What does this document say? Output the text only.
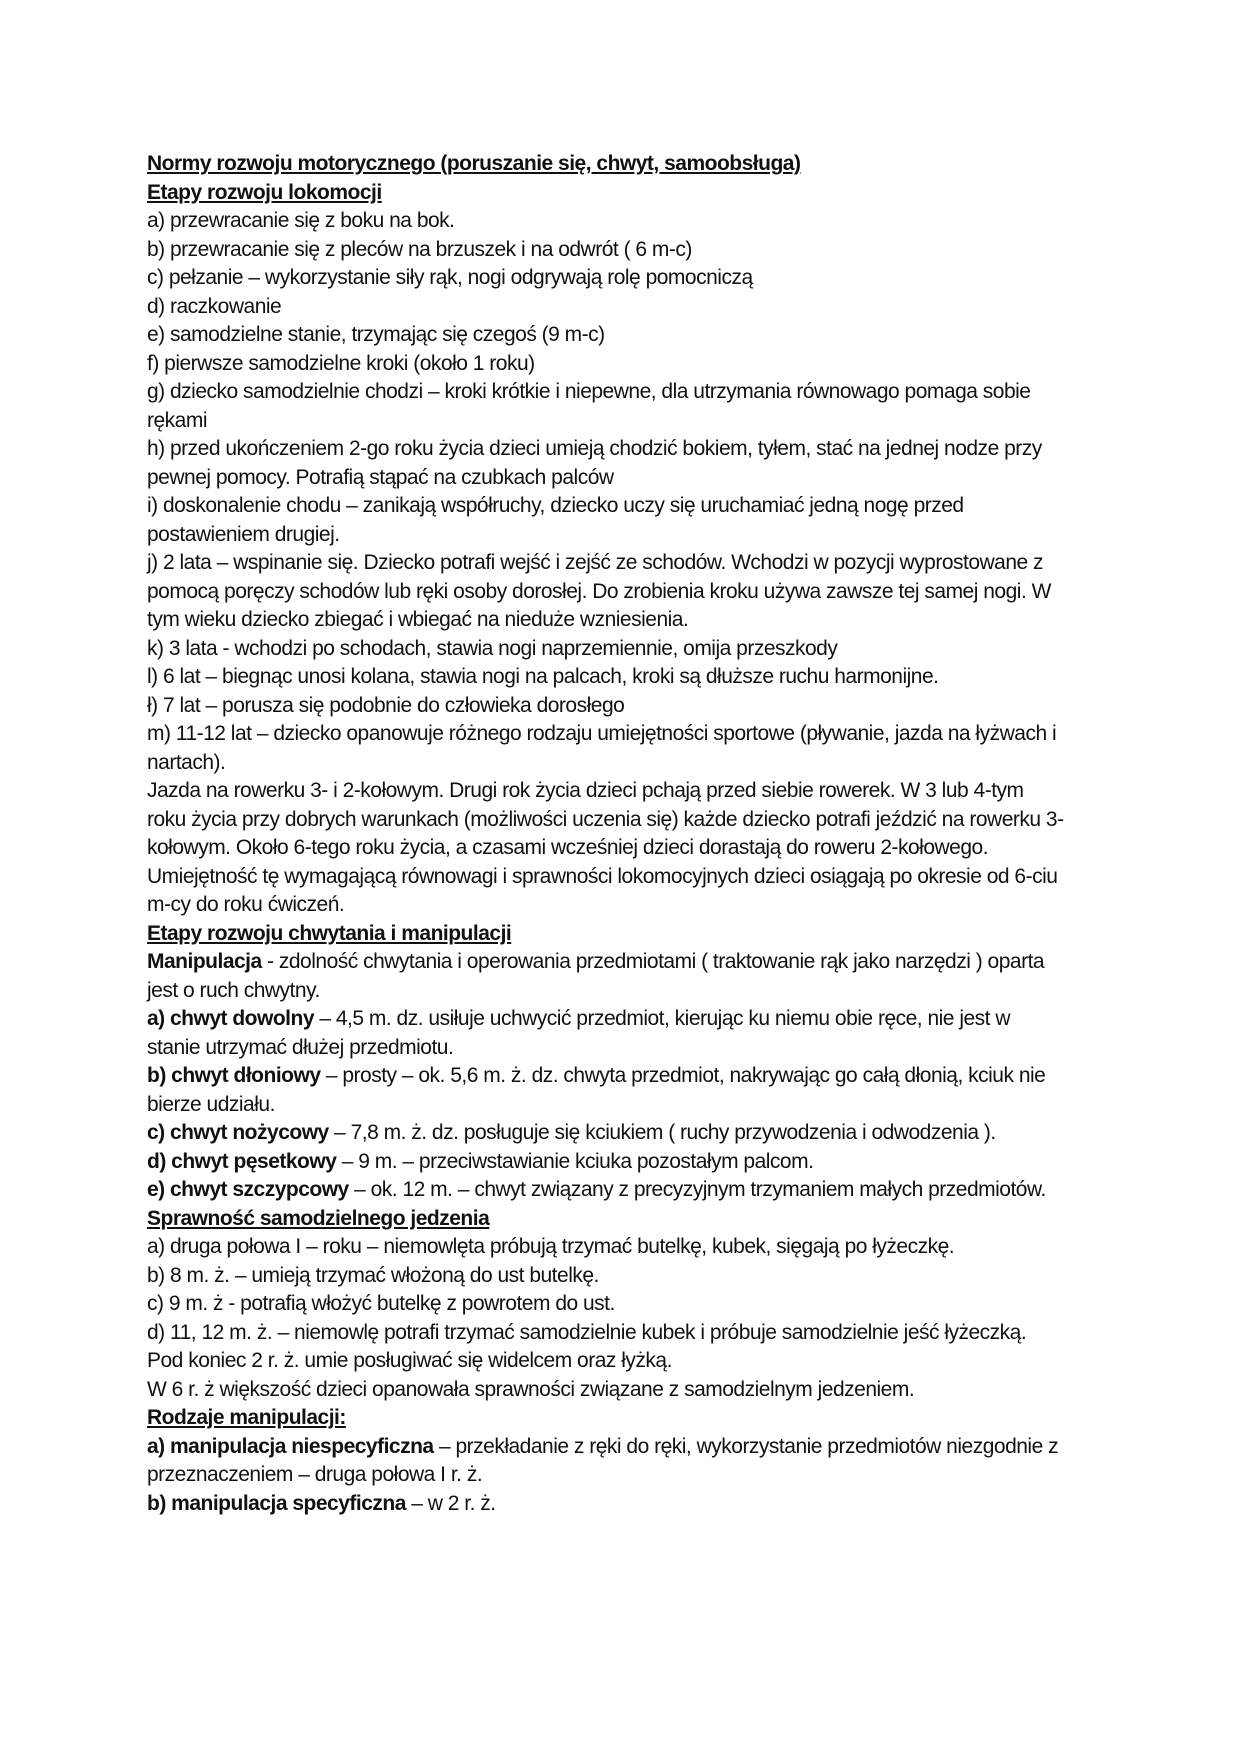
Normy rozwoju motorycznego (poruszanie się, chwyt, samoobsługa)
Etapy rozwoju lokomocji
a) przewracanie się z boku na bok.
b) przewracanie się z pleców na brzuszek i na odwrót ( 6 m-c)
c) pełzanie – wykorzystanie siły rąk, nogi odgrywają rolę pomocniczą
d) raczkowanie
e) samodzielne stanie, trzymając się czegoś (9 m-c)
f) pierwsze samodzielne kroki (około 1 roku)
g) dziecko samodzielnie chodzi – kroki krótkie i niepewne, dla utrzymania równowago pomaga sobie
rękami
h) przed ukończeniem 2-go roku życia dzieci umieją chodzić bokiem, tyłem, stać na jednej nodze przy
pewnej pomocy. Potrafią stąpać na czubkach palców
i) doskonalenie chodu – zanikają współruchy, dziecko uczy się uruchamiać jedną nogę przed
postawieniem drugiej.
j) 2 lata – wspinanie się. Dziecko potrafi wejść i zejść ze schodów. Wchodzi w pozycji wyprostowane z
pomocą poręczy schodów lub ręki osoby dorosłej. Do zrobienia kroku używa zawsze tej samej nogi. W
tym wieku dziecko zbiegać i wbiegać na nieduże wzniesienia.
k) 3 lata - wchodzi po schodach, stawia nogi naprzemiennie, omija przeszkody
l) 6 lat – biegnąc unosi kolana, stawia nogi na palcach, kroki są dłuższe ruchu harmonijne.
ł) 7 lat – porusza się podobnie do człowieka dorosłego
m) 11-12 lat – dziecko opanowuje różnego rodzaju umiejętności sportowe (pływanie, jazda na łyżwach i
nartach).
Jazda na rowerku 3- i 2-kołowym. Drugi rok życia dzieci pchają przed siebie rowerek. W 3 lub 4-tym
roku życia przy dobrych warunkach (możliwości uczenia się) każde dziecko potrafi jeździć na rowerku 3-
kołowym. Około 6-tego roku życia, a czasami wcześniej dzieci dorastają do roweru 2-kołowego.
Umiejętność tę wymagającą równowagi i sprawności lokomocyjnych dzieci osiągają po okresie od 6-ciu
m-cy do roku ćwiczeń.
Etapy rozwoju chwytania i manipulacji
Manipulacja - zdolność chwytania i operowania przedmiotami ( traktowanie rąk jako narzędzi ) oparta
jest o ruch chwytny.
a) chwyt dowolny – 4,5 m. dz. usiłuje uchwycić przedmiot, kierując ku niemu obie ręce, nie jest w
stanie utrzymać dłużej przedmiotu.
b) chwyt dłoniowy – prosty – ok. 5,6 m. ż. dz. chwyta przedmiot, nakrywając go całą dłonią, kciuk nie
bierze udziału.
c) chwyt nożycowy – 7,8 m. ż. dz. posługuje się kciukiem ( ruchy przywodzenia i odwodzenia ).
d) chwyt pęsetkowy – 9 m. – przeciwstawianie kciuka pozostałym palcom.
e) chwyt szczypcowy – ok. 12 m. – chwyt związany z precyzyjnym trzymaniem małych przedmiotów.
Sprawność samodzielnego jedzenia
a) druga połowa I – roku – niemowlęta próbują trzymać butelkę, kubek, sięgają po łyżeczkę.
b) 8 m. ż. – umieją trzymać włożoną do ust butelkę.
c) 9 m. ż - potrafią włożyć butelkę z powrotem do ust.
d) 11, 12 m. ż. – niemowlę potrafi trzymać samodzielnie kubek i próbuje samodzielnie jeść łyżeczką.
Pod koniec 2 r. ż. umie posługiwać się widelcem oraz łyżką.
W 6 r. ż większość dzieci opanowała sprawności związane z samodzielnym jedzeniem.
Rodzaje manipulacji:
a) manipulacja niespecyficzna – przekładanie z ręki do ręki, wykorzystanie przedmiotów niezgodnie z
przeznaczeniem – druga połowa I r. ż.
b) manipulacja specyficzna – w 2 r. ż.
